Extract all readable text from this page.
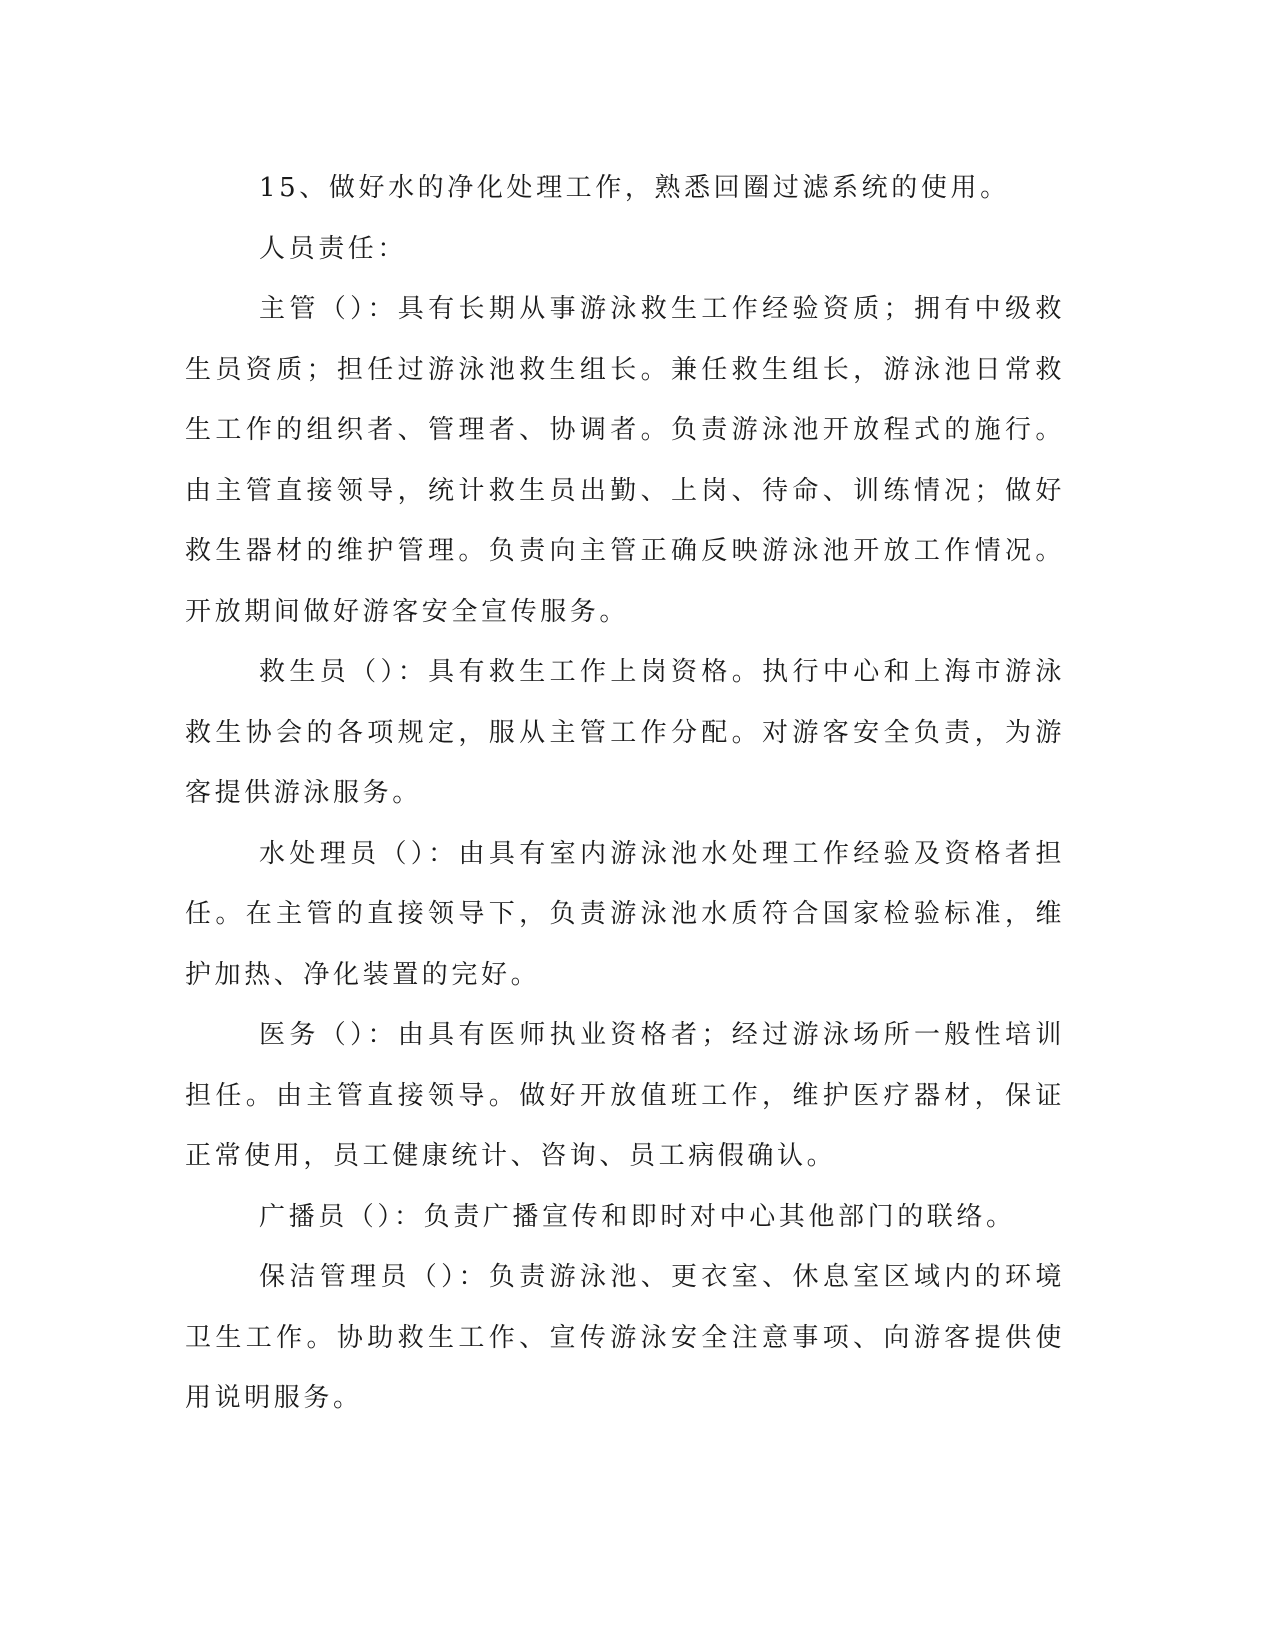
15、做好水的净化处理工作，熟悉回圈过滤系统的使用。

人员责任：

主管（）：具有长期从事游泳救生工作经验资质；拥有中级救生员资质；担任过游泳池救生组长。兼任救生组长，游泳池日常救生工作的组织者、管理者、协调者。负责游泳池开放程式的施行。由主管直接领导，统计救生员出勤、上岗、待命、训练情况；做好救生器材的维护管理。负责向主管正确反映游泳池开放工作情况。开放期间做好游客安全宣传服务。

救生员（）：具有救生工作上岗资格。执行中心和上海市游泳救生协会的各项规定，服从主管工作分配。对游客安全负责，为游客提供游泳服务。

水处理员（）：由具有室内游泳池水处理工作经验及资格者担任。在主管的直接领导下，负责游泳池水质符合国家检验标准，维护加热、净化装置的完好。

医务（）：由具有医师执业资格者；经过游泳场所一般性培训担任。由主管直接领导。做好开放值班工作，维护医疗器材，保证正常使用，员工健康统计、咨询、员工病假确认。

广播员（）：负责广播宣传和即时对中心其他部门的联络。

保洁管理员（）：负责游泳池、更衣室、休息室区域内的环境卫生工作。协助救生工作、宣传游泳安全注意事项、向游客提供使用说明服务。
